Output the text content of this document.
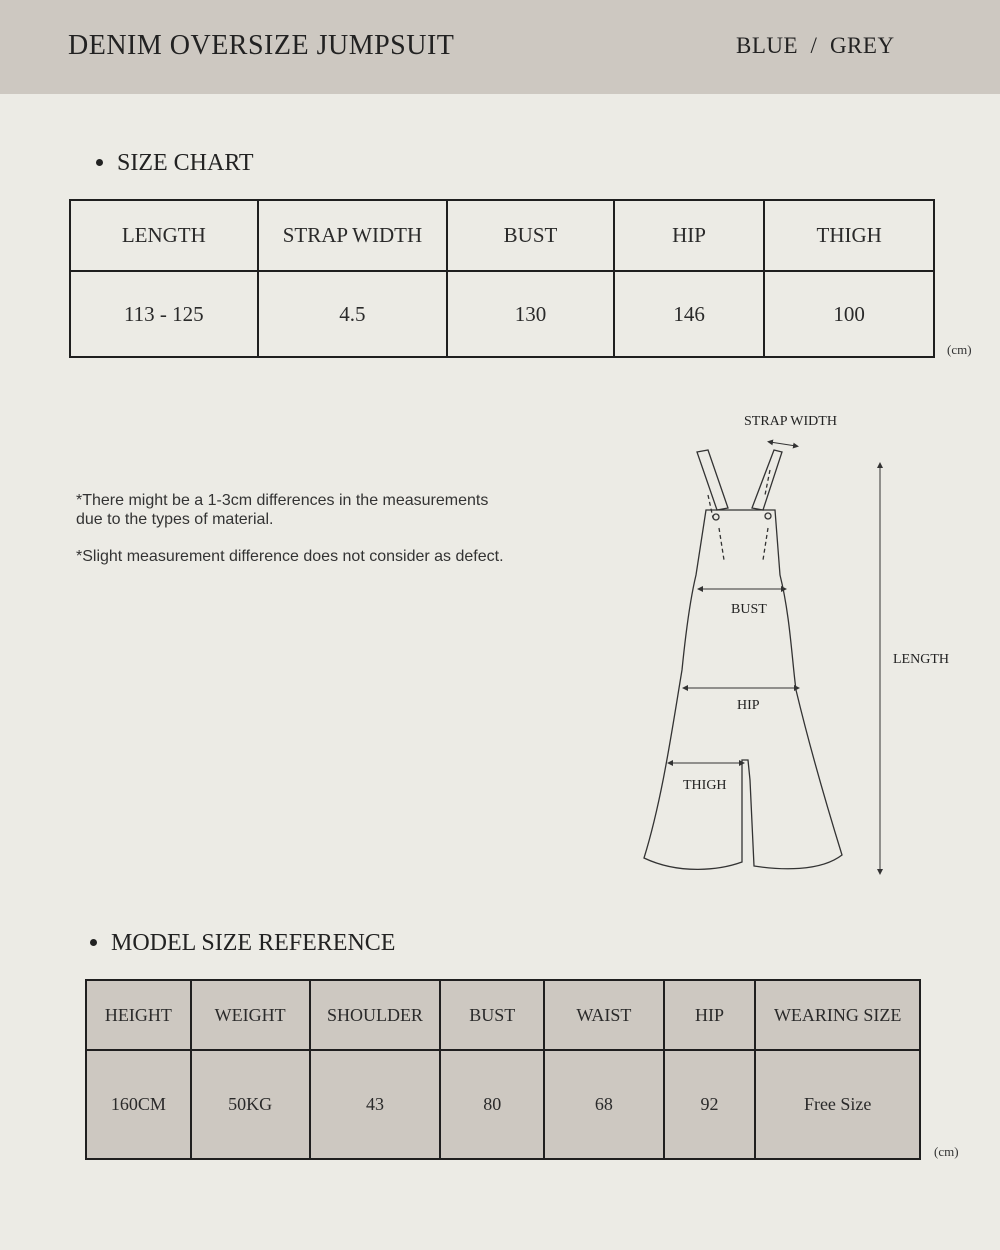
DENIM OVERSIZE JUMPSUIT	BLUE  /  GREY
SIZE CHART
LENGTH	STRAP WIDTH	BUST	HIP	THIGH
113 - 125	4.5	130	146	100
(cm)
*There might be a 1-3cm differences in the measurements due to the types of material.
*Slight measurement difference does not consider as defect.
STRAP WIDTH
BUST
HIP
THIGH
LENGTH
MODEL SIZE REFERENCE
HEIGHT	WEIGHT	SHOULDER	BUST	WAIST	HIP	WEARING SIZE
160CM	50KG	43	80	68	92	Free Size
(cm)
